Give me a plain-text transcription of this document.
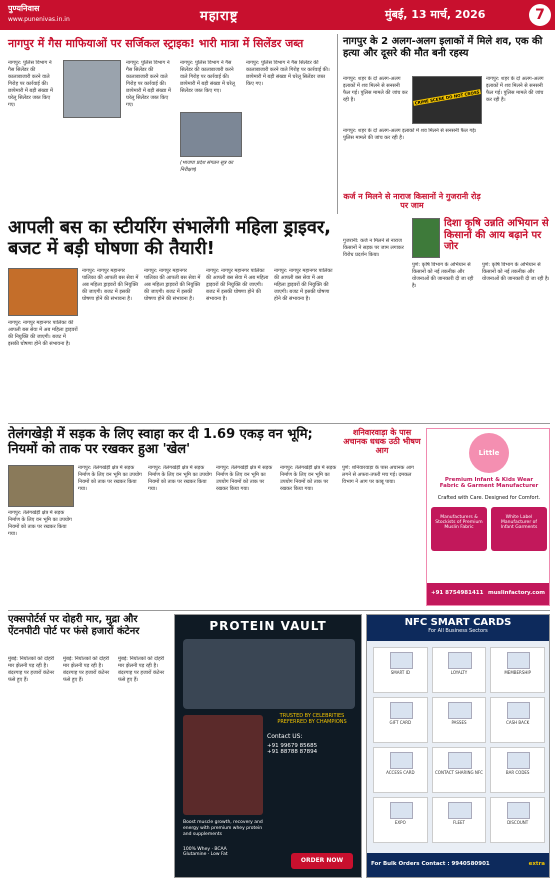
पुण्यनिवास
www.punenivas.in.in	महाराष्ट्र	मुंबई, 13 मार्च, 2026	7
नागपुर में गैस माफियाओं पर सर्जिकल स्ट्राइक! भारी मात्रा में सिलेंडर जब्त
नागपुर: पुलिस विभाग ने गैस सिलेंडर की कालाबाजारी करने वाले गिरोह पर कार्रवाई की। छापेमारी में बड़ी संख्या में घरेलू सिलेंडर जब्त किए गए।
नागपुर: पुलिस विभाग ने गैस सिलेंडर की कालाबाजारी करने वाले गिरोह पर कार्रवाई की। छापेमारी में बड़ी संख्या में घरेलू सिलेंडर जब्त किए गए।
नागपुर: पुलिस विभाग ने गैस सिलेंडर की कालाबाजारी करने वाले गिरोह पर कार्रवाई की। छापेमारी में बड़ी संख्या में घरेलू सिलेंडर जब्त किए गए।
नागपुर: पुलिस विभाग ने गैस सिलेंडर की कालाबाजारी करने वाले गिरोह पर कार्रवाई की। छापेमारी में बड़ी संख्या में घरेलू सिलेंडर जब्त किए गए।
(भाजपा प्रदेश संगठन सूत्र का निरीक्षण)
नागपुर के 2 अलग-अलग इलाकों में मिले शव, एक की हत्या और दूसरे की मौत बनी रहस्य
नागपुर: शहर के दो अलग-अलग इलाकों में शव मिलने से सनसनी फैल गई। पुलिस मामले की जांच कर रही है।	CRIME SCENE DO NOT CROSS
नागपुर: शहर के दो अलग-अलग इलाकों में शव मिलने से सनसनी फैल गई। पुलिस मामले की जांच कर रही है।
नागपुर: शहर के दो अलग-अलग इलाकों में शव मिलने से सनसनी फैल गई। पुलिस मामले की जांच कर रही है।
कर्ज न मिलने से नाराज किसानों ने गुजरानी रोड़ पर जाम
आपली बस का स्टीयरिंग संभालेंगी महिला ड्राइवर, बजट में बड़ी घोषणा की तैयारी!
नागपुर: नागपुर महानगर पालिका की आपली बस सेवा में अब महिला ड्राइवरों की नियुक्ति की जाएगी। बजट में इसकी घोषणा होने की संभावना है।
नागपुर: नागपुर महानगर पालिका की आपली बस सेवा में अब महिला ड्राइवरों की नियुक्ति की जाएगी। बजट में इसकी घोषणा होने की संभावना है।
नागपुर: नागपुर महानगर पालिका की आपली बस सेवा में अब महिला ड्राइवरों की नियुक्ति की जाएगी। बजट में इसकी घोषणा होने की संभावना है।
नागपुर: नागपुर महानगर पालिका की आपली बस सेवा में अब महिला ड्राइवरों की नियुक्ति की जाएगी। बजट में इसकी घोषणा होने की संभावना है।
नागपुर: नागपुर महानगर पालिका की आपली बस सेवा में अब महिला ड्राइवरों की नियुक्ति की जाएगी। बजट में इसकी घोषणा होने की संभावना है।
गुजरानी: कर्ज न मिलने से नाराज किसानों ने सड़क पर जाम लगाकर विरोध प्रदर्शन किया।
दिशा कृषि उन्नति अभियान से किसानों की आय बढ़ाने पर जोर
पुणे: कृषि विभाग के अभियान से किसानों को नई तकनीक और योजनाओं की जानकारी दी जा रही है।
पुणे: कृषि विभाग के अभियान से किसानों को नई तकनीक और योजनाओं की जानकारी दी जा रही है।
तेलंगखेड़ी में सड़क के लिए स्वाहा कर दी 1.69 एकड़ वन भूमि; नियमों को ताक पर रखकर हुआ 'खेल'
नागपुर: तेलंगखेड़ी क्षेत्र में सड़क निर्माण के लिए वन भूमि का उपयोग नियमों को ताक पर रखकर किया गया।
नागपुर: तेलंगखेड़ी क्षेत्र में सड़क निर्माण के लिए वन भूमि का उपयोग नियमों को ताक पर रखकर किया गया।
नागपुर: तेलंगखेड़ी क्षेत्र में सड़क निर्माण के लिए वन भूमि का उपयोग नियमों को ताक पर रखकर किया गया।
नागपुर: तेलंगखेड़ी क्षेत्र में सड़क निर्माण के लिए वन भूमि का उपयोग नियमों को ताक पर रखकर किया गया।
नागपुर: तेलंगखेड़ी क्षेत्र में सड़क निर्माण के लिए वन भूमि का उपयोग नियमों को ताक पर रखकर किया गया।
शनिवारवाड़ा के पास अचानक धधक उठी भीषण आग
पुणे: शनिवारवाड़ा के पास अचानक आग लगने से अफरा-तफरी मच गई। दमकल विभाग ने आग पर काबू पाया।
Little Candy
Premium Infant & Kids Wear
Fabric & Garment Manufacturer
Crafted with Care. Designed for Comfort.
Manufacturers &
Stockists of Premium
Muslin Fabric
White Label
Manufacturer of
Infant Garments
+91 8754981411 muslinfactory.com
एक्सपोर्टर्स पर दोहरी मार, मुद्रा और ऐंटनपीटी पोर्ट पर फंसे हजारों कंटेनर
मुंबई: निर्यातकों को दोहरी मार झेलनी पड़ रही है। बंदरगाह पर हजारों कंटेनर फंसे हुए हैं।
मुंबई: निर्यातकों को दोहरी मार झेलनी पड़ रही है। बंदरगाह पर हजारों कंटेनर फंसे हुए हैं।
मुंबई: निर्यातकों को दोहरी मार झेलनी पड़ रही है। बंदरगाह पर हजारों कंटेनर फंसे हुए हैं।
PROTEIN VAULT
TRUSTED BY CELEBRITIES
PREFERRED BY CHAMPIONS
Contact US:
+91 99679 85685
+91 88788 87894
Boost muscle growth, recovery and energy with premium whey protein and supplements
100% Whey · BCAA
Glutamine · Low Fat
ORDER NOW
NFC SMART CARDS
For All Business Sectors
SMART ID	LOYALTY	MEMBERSHIP
GIFT CARD	PASSES	CASH BACK
ACCESS CARD	CONTACT SHARING NFC	BAR CODES
EXPO	FLEET	DISCOUNT
For Bulk Orders Contact : 9940580901	extra
